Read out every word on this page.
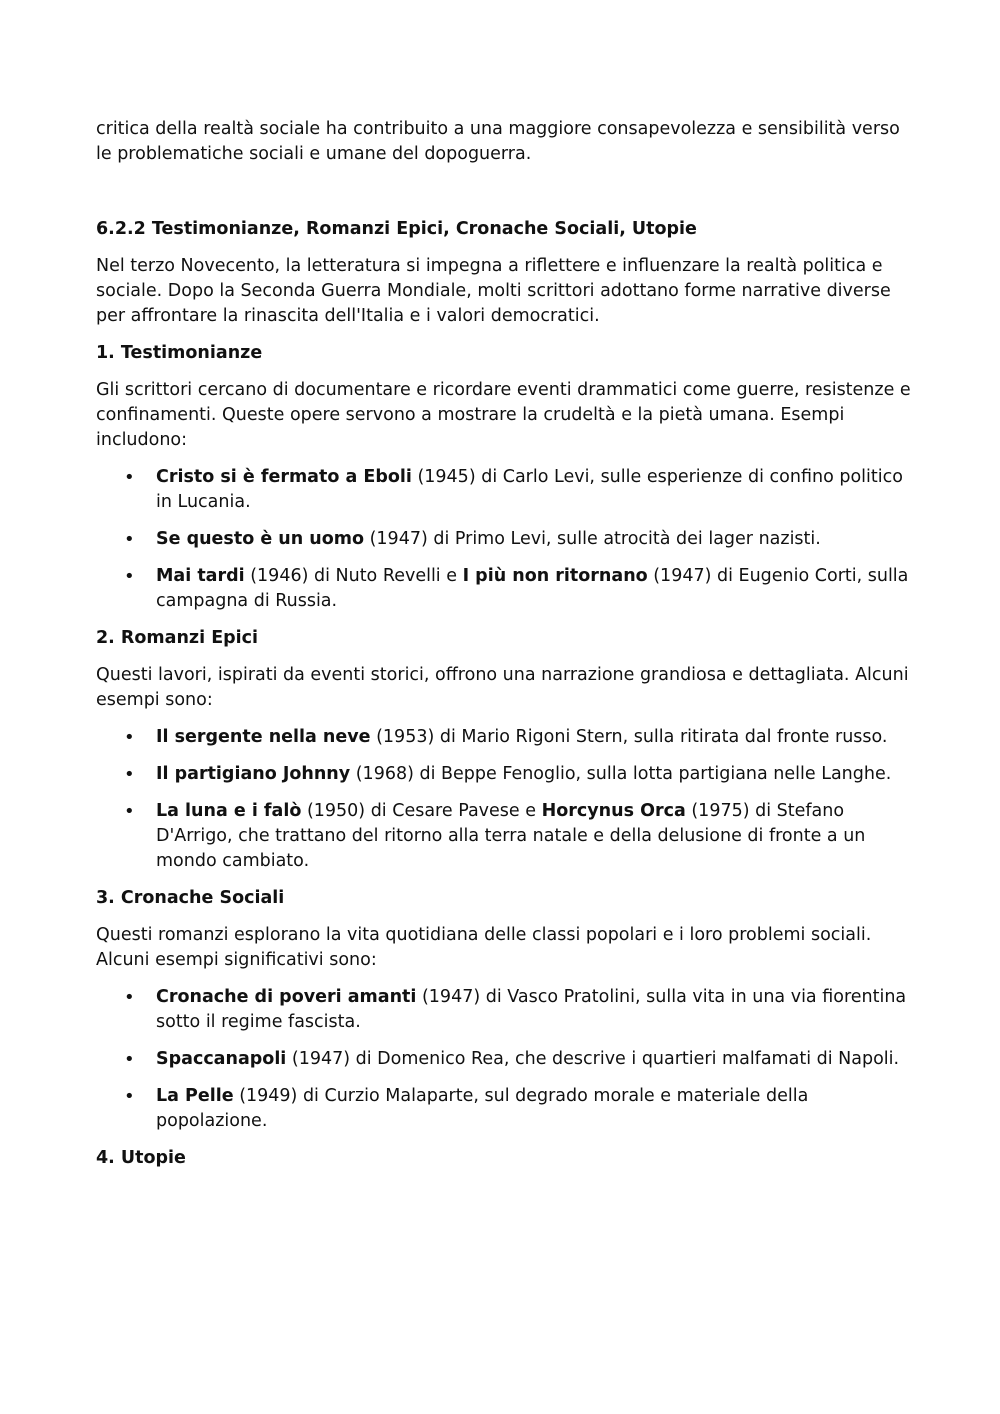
critica della realtà sociale ha contribuito a una maggiore consapevolezza e sensibilità verso le problematiche sociali e umane del dopoguerra.

6.2.2 Testimonianze, Romanzi Epici, Cronache Sociali, Utopie

Nel terzo Novecento, la letteratura si impegna a riflettere e influenzare la realtà politica e sociale. Dopo la Seconda Guerra Mondiale, molti scrittori adottano forme narrative diverse per affrontare la rinascita dell'Italia e i valori democratici.

1. Testimonianze

Gli scrittori cercano di documentare e ricordare eventi drammatici come guerre, resistenze e confinamenti. Queste opere servono a mostrare la crudeltà e la pietà umana. Esempi includono:

• Cristo si è fermato a Eboli (1945) di Carlo Levi, sulle esperienze di confino politico in Lucania.
• Se questo è un uomo (1947) di Primo Levi, sulle atrocità dei lager nazisti.
• Mai tardi (1946) di Nuto Revelli e I più non ritornano (1947) di Eugenio Corti, sulla campagna di Russia.

2. Romanzi Epici

Questi lavori, ispirati da eventi storici, offrono una narrazione grandiosa e dettagliata. Alcuni esempi sono:

• Il sergente nella neve (1953) di Mario Rigoni Stern, sulla ritirata dal fronte russo.
• Il partigiano Johnny (1968) di Beppe Fenoglio, sulla lotta partigiana nelle Langhe.
• La luna e i falò (1950) di Cesare Pavese e Horcynus Orca (1975) di Stefano D'Arrigo, che trattano del ritorno alla terra natale e della delusione di fronte a un mondo cambiato.

3. Cronache Sociali

Questi romanzi esplorano la vita quotidiana delle classi popolari e i loro problemi sociali. Alcuni esempi significativi sono:

• Cronache di poveri amanti (1947) di Vasco Pratolini, sulla vita in una via fiorentina sotto il regime fascista.
• Spaccanapoli (1947) di Domenico Rea, che descrive i quartieri malfamati di Napoli.
• La Pelle (1949) di Curzio Malaparte, sul degrado morale e materiale della popolazione.

4. Utopie
